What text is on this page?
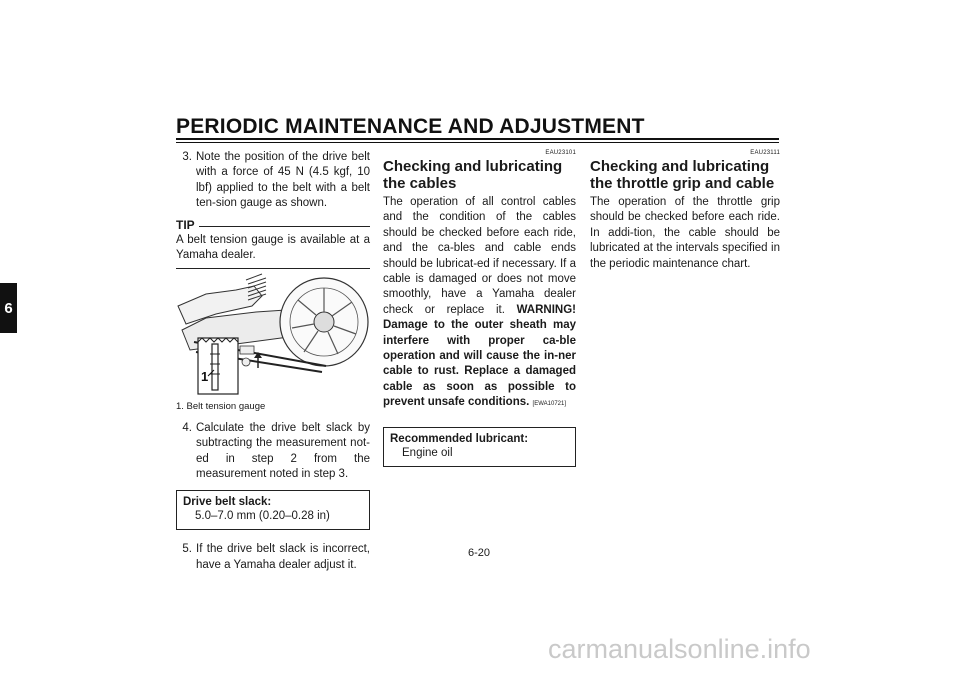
PERIODIC MAINTENANCE AND ADJUSTMENT
6
3. Note the position of the drive belt with a force of 45 N (4.5 kgf, 10 lbf) applied to the belt with a belt ten-sion gauge as shown.
TIP
A belt tension gauge is available at a Yamaha dealer.
1
1. Belt tension gauge
4. Calculate the drive belt slack by subtracting the measurement not-ed in step 2 from the measurement noted in step 3.
Drive belt slack:
5.0–7.0 mm (0.20–0.28 in)
5. If the drive belt slack is incorrect, have a Yamaha dealer adjust it.
EAU23101
Checking and lubricating the cables
The operation of all control cables and the condition of the cables should be checked before each ride, and the ca-bles and cable ends should be lubricat-ed if necessary. If a cable is damaged or does not move smoothly, have a Yamaha dealer check or replace it. WARNING! Damage to the outer sheath may interfere with proper ca-ble operation and will cause the in-ner cable to rust. Replace a damaged cable as soon as possible to prevent unsafe conditions. [EWA10721]
Recommended lubricant:
Engine oil
EAU23111
Checking and lubricating the throttle grip and cable
The operation of the throttle grip should be checked before each ride. In addi-tion, the cable should be lubricated at the intervals specified in the periodic maintenance chart.
6-20
carmanualsonline.info
